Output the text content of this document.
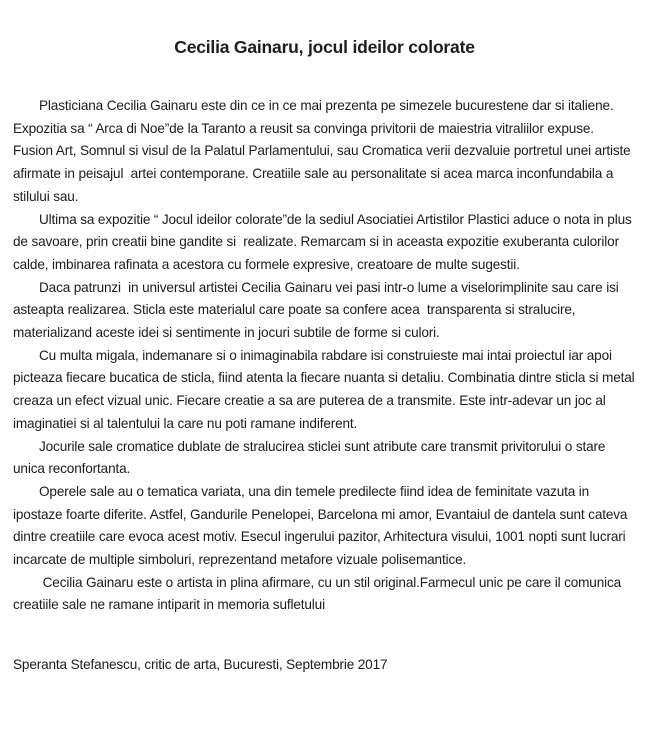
Cecilia Gainaru, jocul ideilor colorate

Plasticiana Cecilia Gainaru este din ce in ce mai prezenta pe simezele bucurestene dar si italiene. Expozitia sa “ Arca di Noe”de la Taranto a reusit sa convinga privitorii de maiestria vitraliilor expuse. Fusion Art, Somnul si visul de la Palatul Parlamentului, sau Cromatica verii dezvaluie portretul unei artiste afirmate in peisajul  artei contemporane. Creatiile sale au personalitate si acea marca inconfundabila a stilului sau.

Ultima sa expozitie “ Jocul ideilor colorate”de la sediul Asociatiei Artistilor Plastici aduce o nota in plus de savoare, prin creatii bine gandite si  realizate. Remarcam si in aceasta expozitie exuberanta culorilor calde, imbinarea rafinata a acestora cu formele expresive, creatoare de multe sugestii.

Daca patrunzi  in universul artistei Cecilia Gainaru vei pasi intr-o lume a viselorimplinite sau care isi asteapta realizarea. Sticla este materialul care poate sa confere acea  transparenta si stralucire, materializand aceste idei si sentimente in jocuri subtile de forme si culori.

Cu multa migala, indemanare si o inimaginabila rabdare isi construieste mai intai proiectul iar apoi picteaza fiecare bucatica de sticla, fiind atenta la fiecare nuanta si detaliu. Combinatia dintre sticla si metal creaza un efect vizual unic. Fiecare creatie a sa are puterea de a transmite. Este intr-adevar un joc al imaginatiei si al talentului la care nu poti ramane indiferent.

Jocurile sale cromatice dublate de stralucirea sticlei sunt atribute care transmit privitorului o stare unica reconfortanta.

Operele sale au o tematica variata, una din temele predilecte fiind idea de feminitate vazuta in ipostaze foarte diferite. Astfel, Gandurile Penelopei, Barcelona mi amor, Evantaiul de dantela sunt cateva dintre creatiile care evoca acest motiv. Esecul ingerului pazitor, Arhitectura visului, 1001 nopti sunt lucrari incarcate de multiple simboluri, reprezentand metafore vizuale polisemantice.

Cecilia Gainaru este o artista in plina afirmare, cu un stil original.Farmecul unic pe care il comunica creatiile sale ne ramane intiparit in memoria sufletului

Speranta Stefanescu, critic de arta, Bucuresti, Septembrie 2017
